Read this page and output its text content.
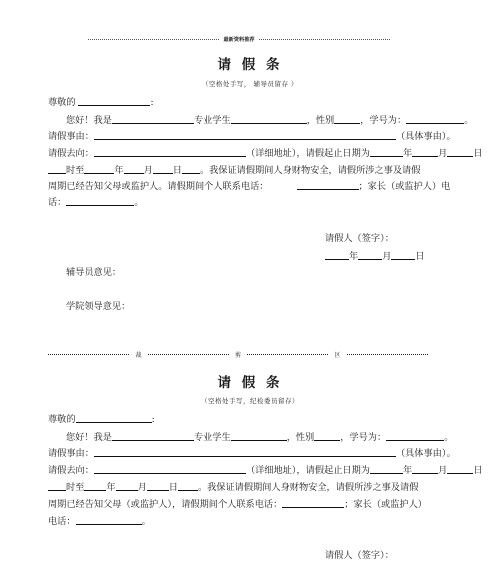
最新资料推荐
请 假 条
（空格处手写， 辅导员留存 ）
尊敬的	:
您好！我是	专业学生	，性别	，学号为：	。
请假事由：	（具体事由）。
请假去向：	（详细地址），请假起止日期为	年	月	日
时至	年 月 日 。我保证请假期间人身财物安全，请假所涉之事及请假
周期已经告知父母或监护人。请假期间个人联系电话：	；家长（或监护人）电
话：	。
请假人（签字）：
年	月	日
辅导员意见：
学院领导意见：
裁	剪	区
请 假 条
（空格处手写，纪检委员留存）
尊敬的	:
您好！我是	专业学生	，性别	，学号为：	。
请假事由：	（具体事由）。
请假去向：	（详细地址），请假起止日期为	年	月	日
时至 年 月 日 。我保证请假期间人身财物安全，请假所涉之事及请假
周期已经告知父母（或监护人），请假期间个人联系电话：	；家长（或监护人）
电话：	。
请假人（签字）：
